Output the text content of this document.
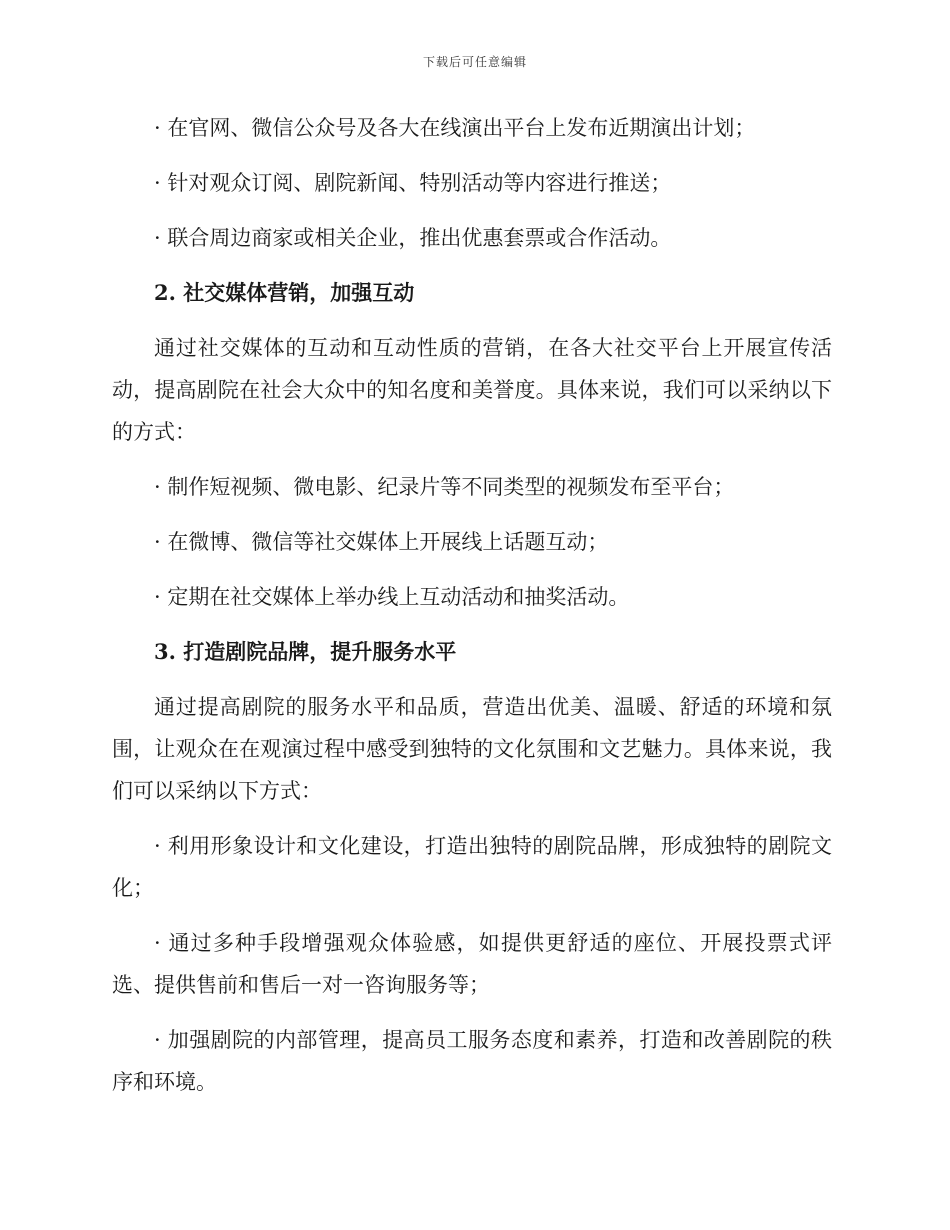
下载后可任意编辑

· 在官网、微信公众号及各大在线演出平台上发布近期演出计划；

· 针对观众订阅、剧院新闻、特别活动等内容进行推送；

· 联合周边商家或相关企业，推出优惠套票或合作活动。

2. 社交媒体营销，加强互动

通过社交媒体的互动和互动性质的营销，在各大社交平台上开展宣传活动，提高剧院在社会大众中的知名度和美誉度。具体来说，我们可以采纳以下的方式：

· 制作短视频、微电影、纪录片等不同类型的视频发布至平台；

· 在微博、微信等社交媒体上开展线上话题互动；

· 定期在社交媒体上举办线上互动活动和抽奖活动。

3. 打造剧院品牌，提升服务水平

通过提高剧院的服务水平和品质，营造出优美、温暖、舒适的环境和氛围，让观众在在观演过程中感受到独特的文化氛围和文艺魅力。具体来说，我们可以采纳以下方式：

· 利用形象设计和文化建设，打造出独特的剧院品牌，形成独特的剧院文化；

· 通过多种手段增强观众体验感，如提供更舒适的座位、开展投票式评选、提供售前和售后一对一咨询服务等；

· 加强剧院的内部管理，提高员工服务态度和素养，打造和改善剧院的秩序和环境。
